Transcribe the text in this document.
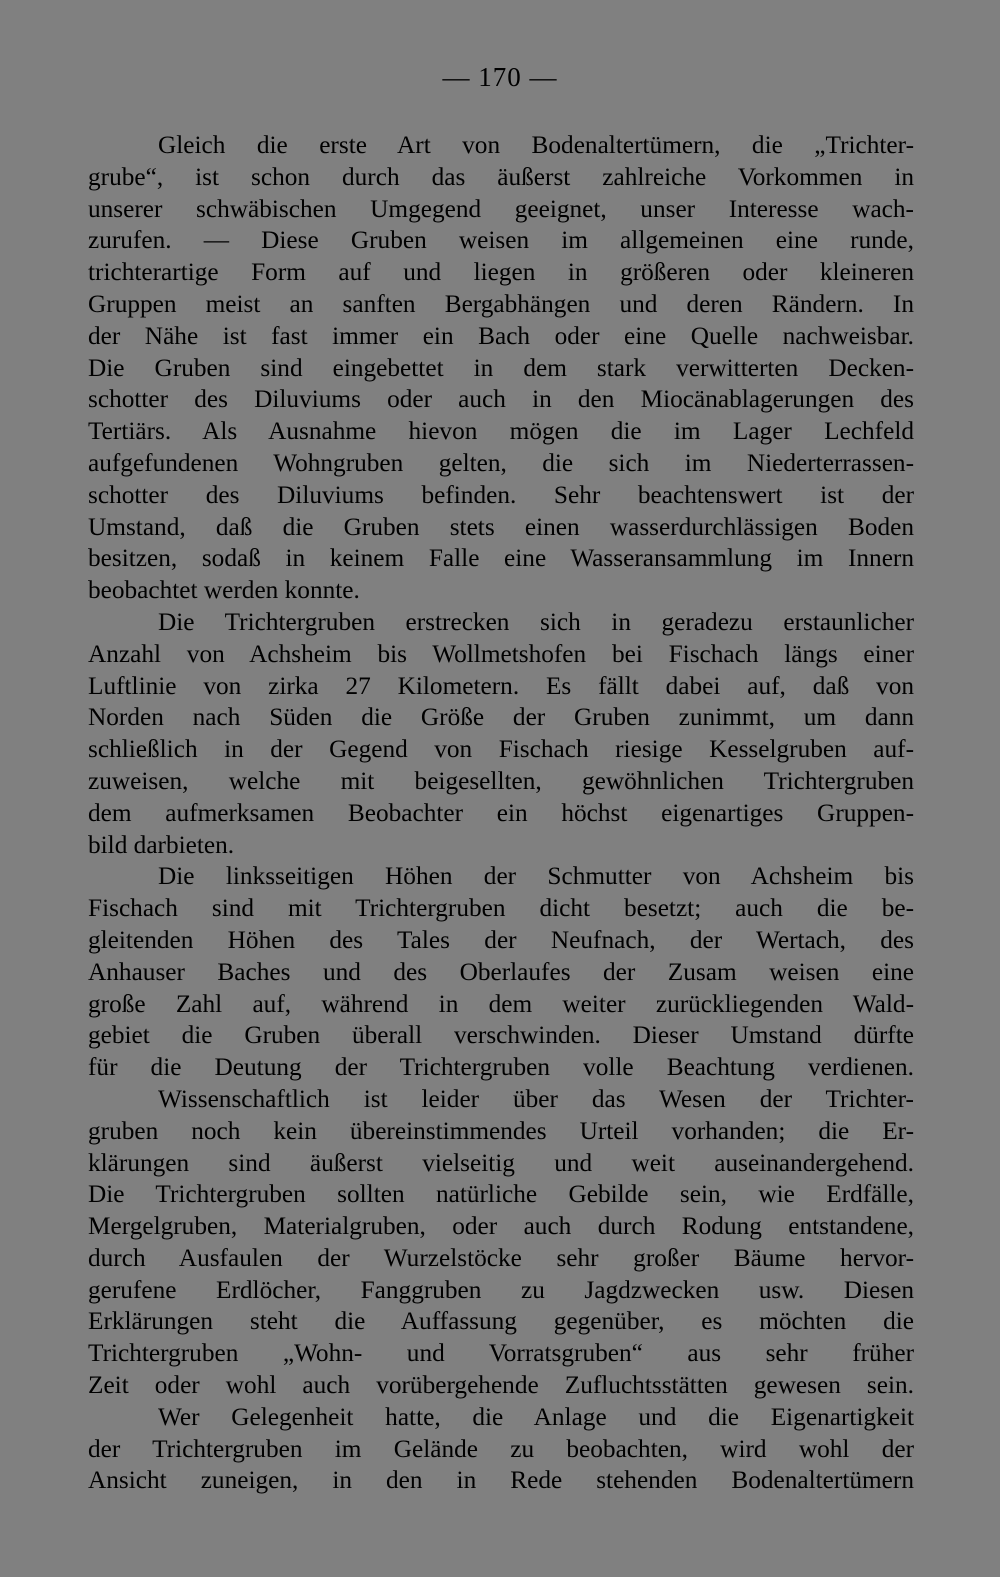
— 170 —
Gleich die erste Art von Bodenaltertümern, die „Trichter-
grube“, ist schon durch das äußerst zahlreiche Vorkommen in
unserer schwäbischen Umgegend geeignet, unser Interesse wach-
zurufen. — Diese Gruben weisen im allgemeinen eine runde,
trichterartige Form auf und liegen in größeren oder kleineren
Gruppen meist an sanften Bergabhängen und deren Rändern. In
der Nähe ist fast immer ein Bach oder eine Quelle nachweisbar.
Die Gruben sind eingebettet in dem stark verwitterten Decken-
schotter des Diluviums oder auch in den Miocänablagerungen des
Tertiärs. Als Ausnahme hievon mögen die im Lager Lechfeld
aufgefundenen Wohngruben gelten, die sich im Niederterrassen-
schotter des Diluviums befinden. Sehr beachtenswert ist der
Umstand, daß die Gruben stets einen wasserdurchlässigen Boden
besitzen, sodaß in keinem Falle eine Wasseransammlung im Innern
beobachtet werden konnte.
Die Trichtergruben erstrecken sich in geradezu erstaunlicher
Anzahl von Achsheim bis Wollmetshofen bei Fischach längs einer
Luftlinie von zirka 27 Kilometern. Es fällt dabei auf, daß von
Norden nach Süden die Größe der Gruben zunimmt, um dann
schließlich in der Gegend von Fischach riesige Kesselgruben auf-
zuweisen, welche mit beigesellten, gewöhnlichen Trichtergruben
dem aufmerksamen Beobachter ein höchst eigenartiges Gruppen-
bild darbieten.
Die linksseitigen Höhen der Schmutter von Achsheim bis
Fischach sind mit Trichtergruben dicht besetzt; auch die be-
gleitenden Höhen des Tales der Neufnach, der Wertach, des
Anhauser Baches und des Oberlaufes der Zusam weisen eine
große Zahl auf, während in dem weiter zurückliegenden Wald-
gebiet die Gruben überall verschwinden. Dieser Umstand dürfte
für die Deutung der Trichtergruben volle Beachtung verdienen.
Wissenschaftlich ist leider über das Wesen der Trichter-
gruben noch kein übereinstimmendes Urteil vorhanden; die Er-
klärungen sind äußerst vielseitig und weit auseinandergehend.
Die Trichtergruben sollten natürliche Gebilde sein, wie Erdfälle,
Mergelgruben, Materialgruben, oder auch durch Rodung entstandene,
durch Ausfaulen der Wurzelstöcke sehr großer Bäume hervor-
gerufene Erdlöcher, Fanggruben zu Jagdzwecken usw. Diesen
Erklärungen steht die Auffassung gegenüber, es möchten die
Trichtergruben „Wohn- und Vorratsgruben“ aus sehr früher
Zeit oder wohl auch vorübergehende Zufluchtsstätten gewesen sein.
Wer Gelegenheit hatte, die Anlage und die Eigenartigkeit
der Trichtergruben im Gelände zu beobachten, wird wohl der
Ansicht zuneigen, in den in Rede stehenden Bodenaltertümern
